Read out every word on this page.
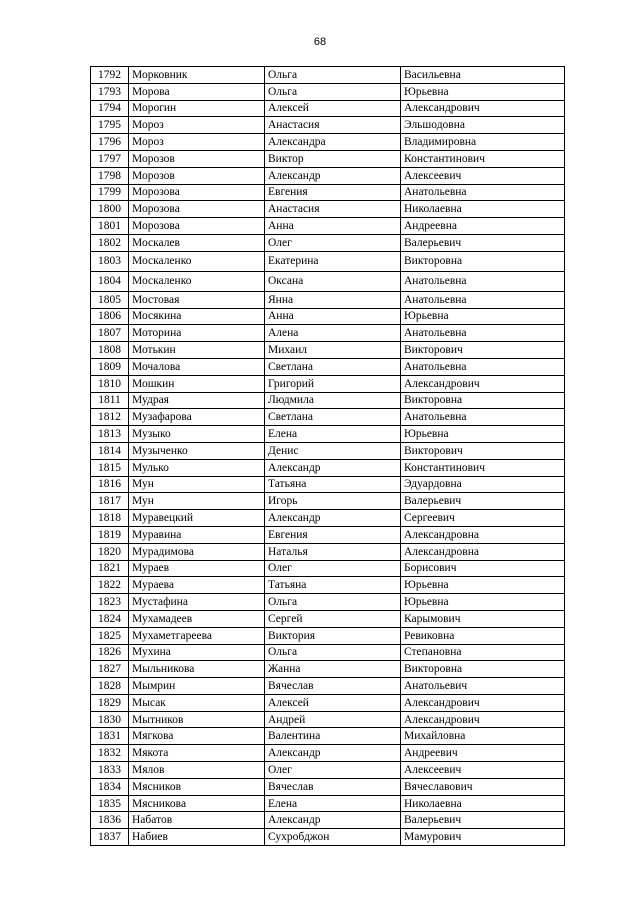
68
1792	Морковник	Ольга	Васильевна
1793	Морова	Ольга	Юрьевна
1794	Морогин	Алексей	Александрович
1795	Мороз	Анастасия	Эльшодовна
1796	Мороз	Александра	Владимировна
1797	Морозов	Виктор	Константинович
1798	Морозов	Александр	Алексеевич
1799	Морозова	Евгения	Анатольевна
1800	Морозова	Анастасия	Николаевна
1801	Морозова	Анна	Андреевна
1802	Москалев	Олег	Валерьевич
1803	Москаленко	Екатерина	Викторовна
1804	Москаленко	Оксана	Анатольевна
1805	Мостовая	Янна	Анатольевна
1806	Мосякина	Анна	Юрьевна
1807	Моторина	Алена	Анатольевна
1808	Мотькин	Михаил	Викторович
1809	Мочалова	Светлана	Анатольевна
1810	Мошкин	Григорий	Александрович
1811	Мудрая	Людмила	Викторовна
1812	Музафарова	Светлана	Анатольевна
1813	Музыко	Елена	Юрьевна
1814	Музыченко	Денис	Викторович
1815	Мулько	Александр	Константинович
1816	Мун	Татьяна	Эдуардовна
1817	Мун	Игорь	Валерьевич
1818	Муравецкий	Александр	Сергеевич
1819	Муравина	Евгения	Александровна
1820	Мурадимова	Наталья	Александровна
1821	Мураев	Олег	Борисович
1822	Мураева	Татьяна	Юрьевна
1823	Мустафина	Ольга	Юрьевна
1824	Мухамадеев	Сергей	Карымович
1825	Мухаметгареева	Виктория	Ревиковна
1826	Мухина	Ольга	Степановна
1827	Мыльникова	Жанна	Викторовна
1828	Мымрин	Вячеслав	Анатольевич
1829	Мысак	Алексей	Александрович
1830	Мытников	Андрей	Александрович
1831	Мягкова	Валентина	Михайловна
1832	Мякота	Александр	Андреевич
1833	Мялов	Олег	Алексеевич
1834	Мясников	Вячеслав	Вячеславович
1835	Мясникова	Елена	Николаевна
1836	Набатов	Александр	Валерьевич
1837	Набиев	Сухробджон	Мамурович
